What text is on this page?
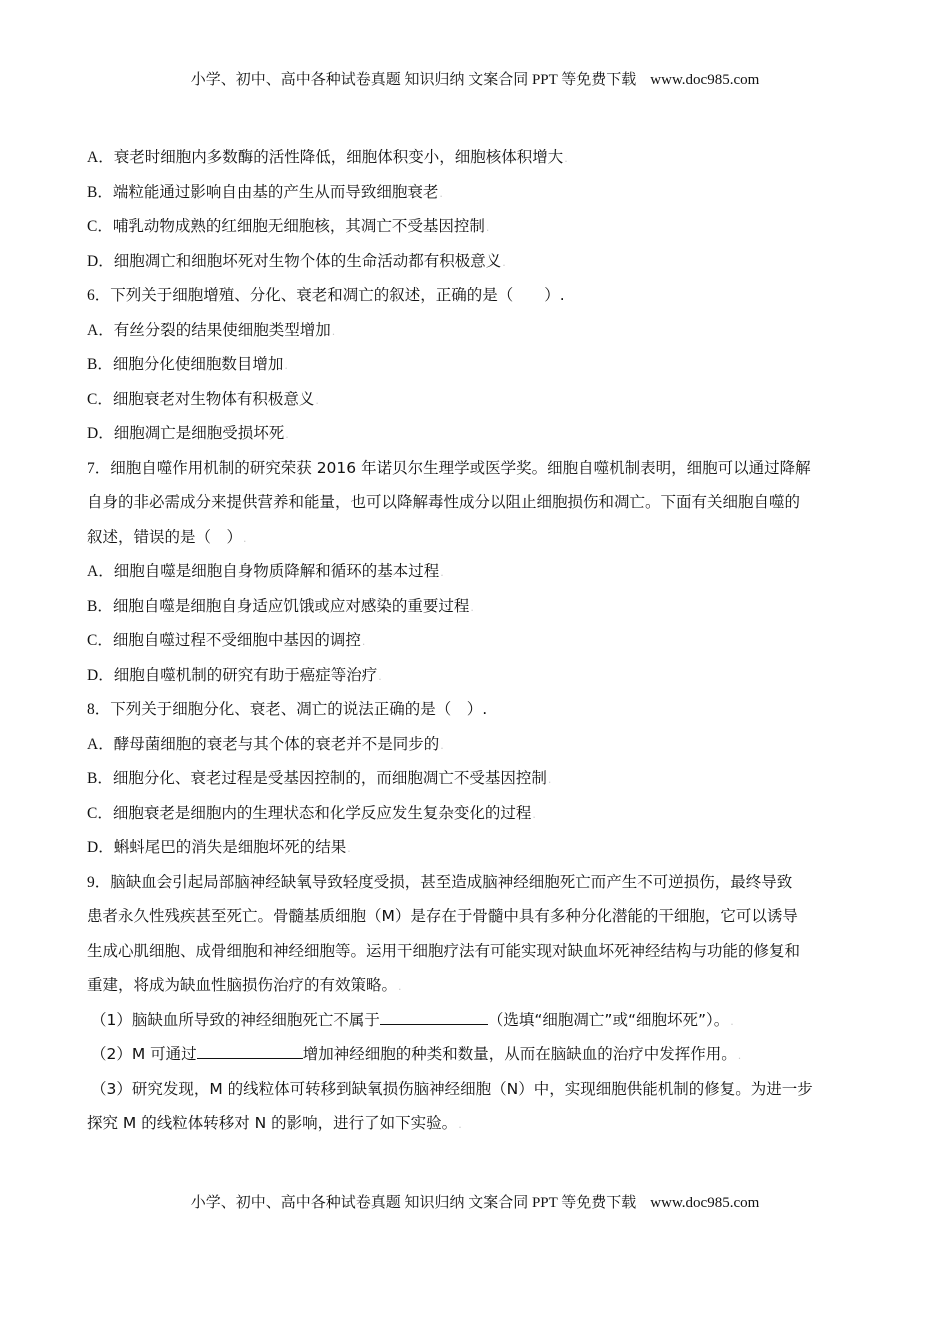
小学、初中、高中各种试卷真题 知识归纳 文案合同 PPT 等免费下载 www.doc985.com
A．衰老时细胞内多数酶的活性降低，细胞体积变小，细胞核体积增大.
B．端粒能通过影响自由基的产生从而导致细胞衰老.
C．哺乳动物成熟的红细胞无细胞核，其凋亡不受基因控制.
D．细胞凋亡和细胞坏死对生物个体的生命活动都有积极意义.
6．下列关于细胞增殖、分化、衰老和凋亡的叙述，正确的是（　　）.
A．有丝分裂的结果使细胞类型增加.
B．细胞分化使细胞数目增加.
C．细胞衰老对生物体有积极意义.
D．细胞凋亡是细胞受损坏死.
7．细胞自噬作用机制的研究荣获 2016 年诺贝尔生理学或医学奖。细胞自噬机制表明，细胞可以通过降解
自身的非必需成分来提供营养和能量，也可以降解毒性成分以阻止细胞损伤和凋亡。下面有关细胞自噬的
叙述，错误的是（　）.
A．细胞自噬是细胞自身物质降解和循环的基本过程.
B．细胞自噬是细胞自身适应饥饿或应对感染的重要过程.
C．细胞自噬过程不受细胞中基因的调控.
D．细胞自噬机制的研究有助于癌症等治疗.
8．下列关于细胞分化、衰老、凋亡的说法正确的是（　）.
A．酵母菌细胞的衰老与其个体的衰老并不是同步的.
B．细胞分化、衰老过程是受基因控制的，而细胞凋亡不受基因控制.
C．细胞衰老是细胞内的生理状态和化学反应发生复杂变化的过程.
D．蝌蚪尾巴的消失是细胞坏死的结果.
9．脑缺血会引起局部脑神经缺氧导致轻度受损，甚至造成脑神经细胞死亡而产生不可逆损伤，最终导致
患者永久性残疾甚至死亡。骨髓基质细胞（M）是存在于骨髓中具有多种分化潜能的干细胞，它可以诱导
生成心肌细胞、成骨细胞和神经细胞等。运用干细胞疗法有可能实现对缺血坏死神经结构与功能的修复和
重建，将成为缺血性脑损伤治疗的有效策略。.
（1）脑缺血所导致的神经细胞死亡不属于	（选填“细胞凋亡”或“细胞坏死”）。.
（2）M 可通过	增加神经细胞的种类和数量，从而在脑缺血的治疗中发挥作用。.
（3）研究发现，M 的线粒体可转移到缺氧损伤脑神经细胞（N）中，实现细胞供能机制的修复。为进一步
探究 M 的线粒体转移对 N 的影响，进行了如下实验。.
小学、初中、高中各种试卷真题 知识归纳 文案合同 PPT 等免费下载 www.doc985.com
